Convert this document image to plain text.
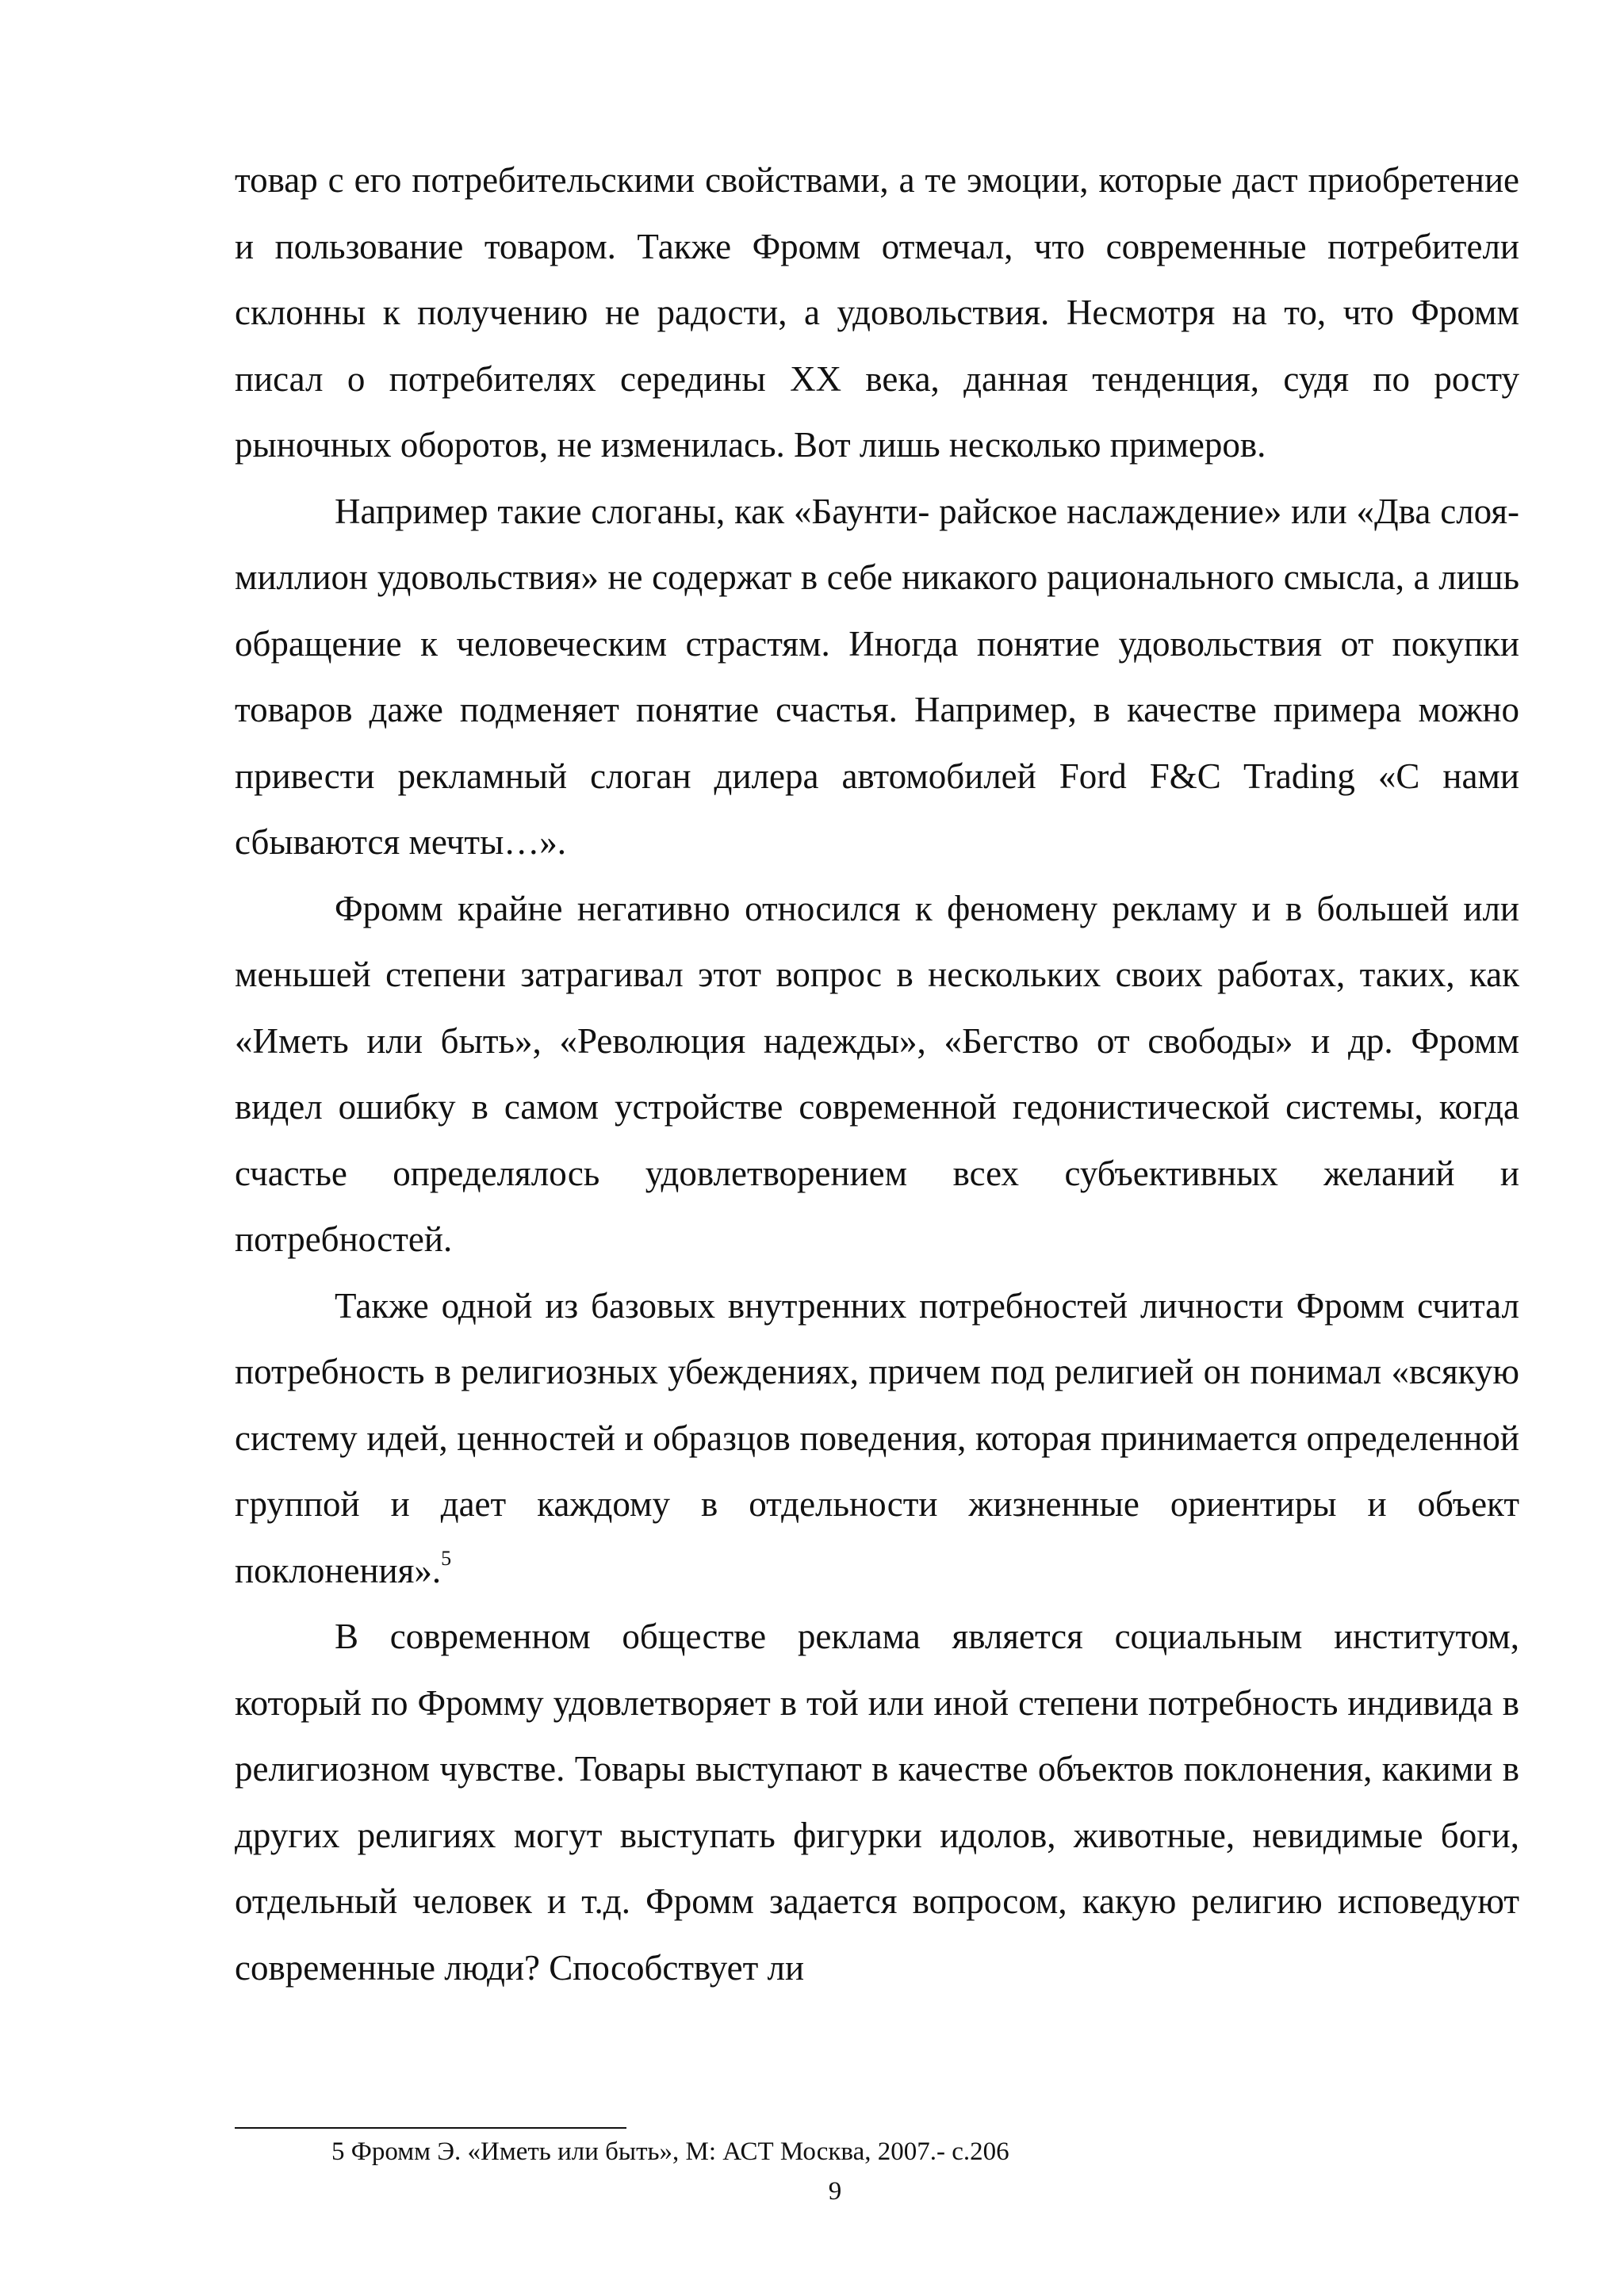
товар с его потребительскими свойствами, а те эмоции, которые даст приобретение и пользование товаром. Также Фромм отмечал, что современные потребители склонны к получению не радости, а удовольствия. Несмотря на то, что Фромм писал о потребителях середины XX века, данная тенденция, судя по росту рыночных оборотов, не изменилась. Вот лишь несколько примеров.

Например такие слоганы, как «Баунти- райское наслаждение» или «Два слоя- миллион удовольствия» не содержат в себе никакого рационального смысла, а лишь обращение к человеческим страстям. Иногда понятие удовольствия от покупки товаров даже подменяет понятие счастья. Например, в качестве примера можно привести рекламный слоган дилера автомобилей Ford F&C Trading «С нами сбываются мечты…».

Фромм крайне негативно относился к феномену рекламу и в большей или меньшей степени затрагивал этот вопрос в нескольких своих работах, таких, как «Иметь или быть», «Революция надежды», «Бегство от свободы» и др. Фромм видел ошибку в самом устройстве современной гедонистической системы, когда счастье определялось удовлетворением всех субъективных желаний и потребностей.

Также одной из базовых внутренних потребностей личности Фромм считал потребность в религиозных убеждениях, причем под религией он понимал «всякую систему идей, ценностей и образцов поведения, которая принимается определенной группой и дает каждому в отдельности жизненные ориентиры и объект поклонения».$^5$

В современном обществе реклама является социальным институтом, который по Фромму удовлетворяет в той или иной степени потребность индивида в религиозном чувстве. Товары выступают в качестве объектов поклонения, какими в других религиях могут выступать фигурки идолов, животные, невидимые боги, отдельный человек и т.д. Фромм задается вопросом, какую религию исповедуют современные люди? Способствует ли

5 Фромм Э. «Иметь или быть», М: АСТ Москва, 2007.- с.206
9
